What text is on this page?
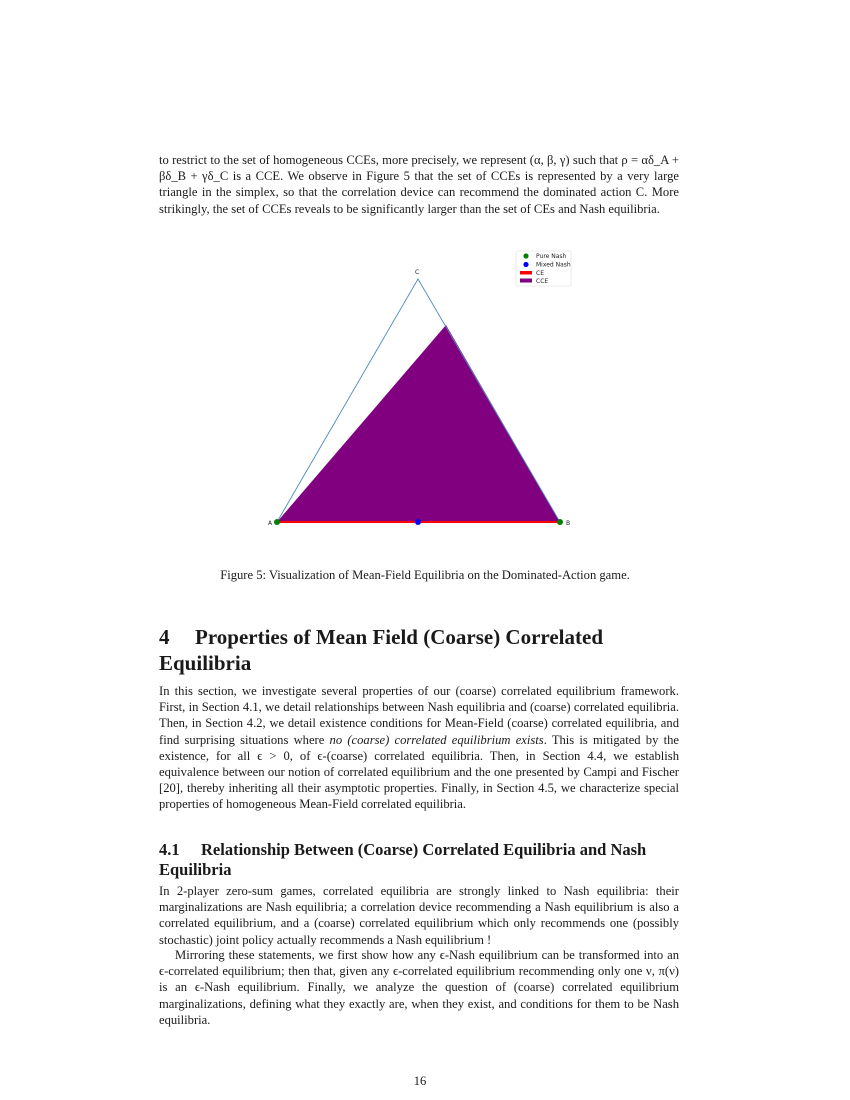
to restrict to the set of homogeneous CCEs, more precisely, we represent (α, β, γ) such that ρ = αδ_A + βδ_B + γδ_C is a CCE. We observe in Figure 5 that the set of CCEs is represented by a very large triangle in the simplex, so that the correlation device can recommend the dominated action C. More strikingly, the set of CCEs reveals to be significantly larger than the set of CEs and Nash equilibria.

A	B
C
Pure Nash
Mixed Nash
CE
CCE
Figure 5: Visualization of Mean-Field Equilibria on the Dominated-Action game.
4 Properties of Mean Field (Coarse) Correlated Equilibria

In this section, we investigate several properties of our (coarse) correlated equilibrium framework. First, in Section 4.1, we detail relationships between Nash equilibria and (coarse) correlated equilibria. Then, in Section 4.2, we detail existence conditions for Mean-Field (coarse) correlated equilibria, and find surprising situations where no (coarse) correlated equilibrium exists. This is mitigated by the existence, for all ϵ > 0, of ϵ-(coarse) correlated equilibria. Then, in Section 4.4, we establish equivalence between our notion of correlated equilibrium and the one presented by Campi and Fischer [20], thereby inheriting all their asymptotic properties. Finally, in Section 4.5, we characterize special properties of homogeneous Mean-Field correlated equilibria.

4.1 Relationship Between (Coarse) Correlated Equilibria and Nash Equilibria

In 2-player zero-sum games, correlated equilibria are strongly linked to Nash equilibria: their marginalizations are Nash equilibria; a correlation device recommending a Nash equilibrium is also a correlated equilibrium, and a (coarse) correlated equilibrium which only recommends one (possibly stochastic) joint policy actually recommends a Nash equilibrium !

Mirroring these statements, we first show how any ϵ-Nash equilibrium can be transformed into an ϵ-correlated equilibrium; then that, given any ϵ-correlated equilibrium recommending only one ν, π(ν) is an ϵ-Nash equilibrium. Finally, we analyze the question of (coarse) correlated equilibrium marginalizations, defining what they exactly are, when they exist, and conditions for them to be Nash equilibria.

16
